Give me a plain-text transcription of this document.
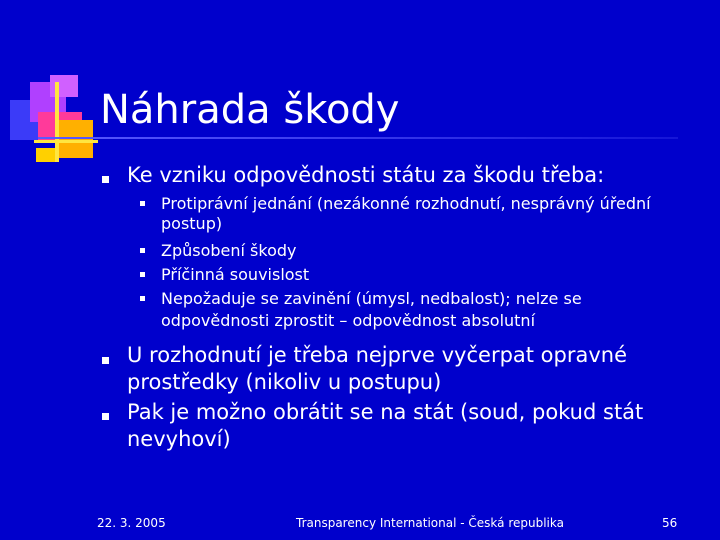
Náhrada škody
Ke vzniku odpovědnosti státu za škodu třeba:
Protiprávní jednání (nezákonné rozhodnutí, nesprávný úřední
postup)
Způsobení škody
Příčinná souvislost
Nepožaduje se zavinění (úmysl, nedbalost); nelze se
odpovědnosti zprostit – odpovědnost absolutní
U rozhodnutí je třeba nejprve vyčerpat opravné
prostředky (nikoliv u postupu)
Pak je možno obrátit se na stát (soud, pokud stát
nevyhoví)
22. 3. 2005	Transparency International - Česká republika	56
